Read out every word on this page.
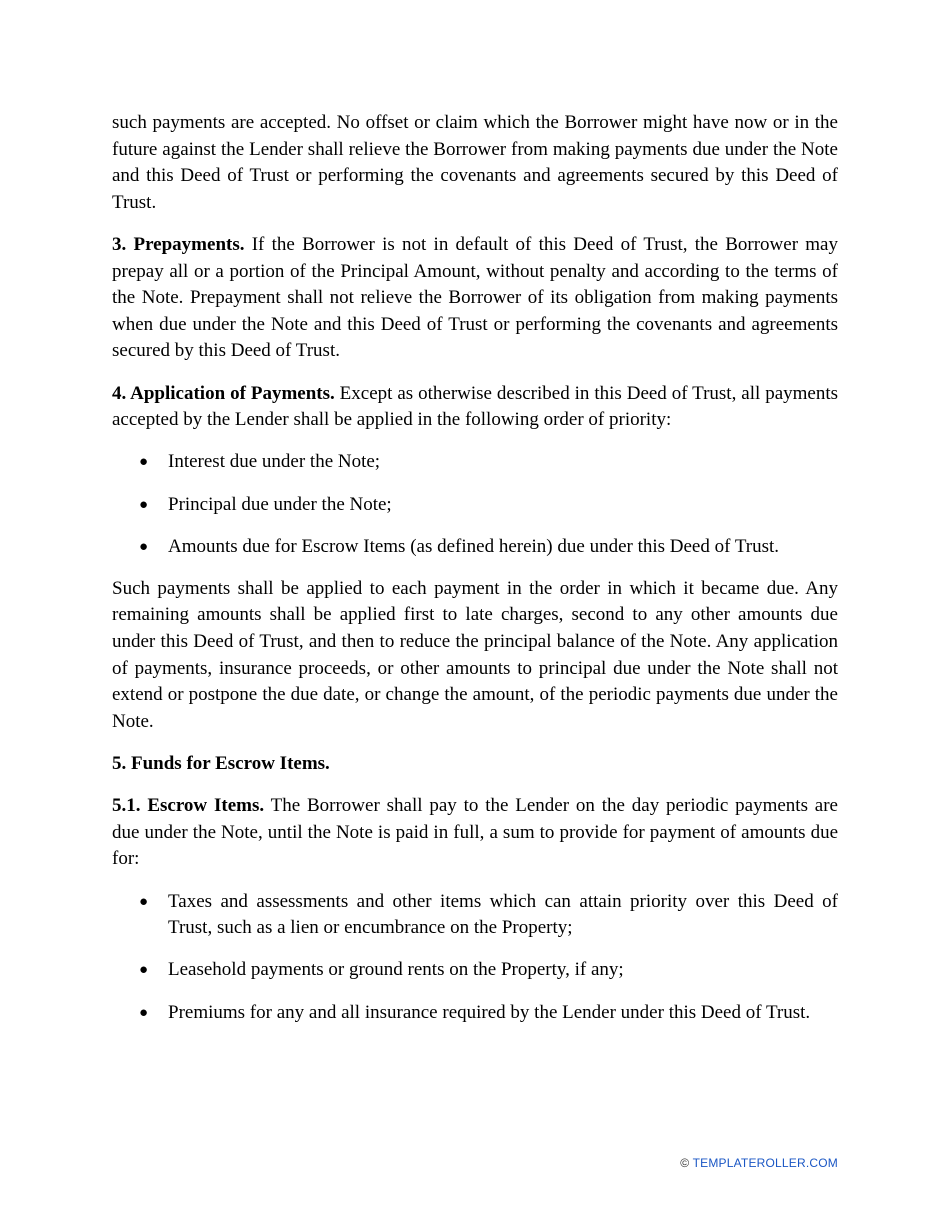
such payments are accepted. No offset or claim which the Borrower might have now or in the future against the Lender shall relieve the Borrower from making payments due under the Note and this Deed of Trust or performing the covenants and agreements secured by this Deed of Trust.

3. Prepayments. If the Borrower is not in default of this Deed of Trust, the Borrower may prepay all or a portion of the Principal Amount, without penalty and according to the terms of the Note. Prepayment shall not relieve the Borrower of its obligation from making payments when due under the Note and this Deed of Trust or performing the covenants and agreements secured by this Deed of Trust.

4. Application of Payments. Except as otherwise described in this Deed of Trust, all payments accepted by the Lender shall be applied in the following order of priority:

● Interest due under the Note;
● Principal due under the Note;
● Amounts due for Escrow Items (as defined herein) due under this Deed of Trust.

Such payments shall be applied to each payment in the order in which it became due. Any remaining amounts shall be applied first to late charges, second to any other amounts due under this Deed of Trust, and then to reduce the principal balance of the Note. Any application of payments, insurance proceeds, or other amounts to principal due under the Note shall not extend or postpone the due date, or change the amount, of the periodic payments due under the Note.

5. Funds for Escrow Items.

5.1. Escrow Items. The Borrower shall pay to the Lender on the day periodic payments are due under the Note, until the Note is paid in full, a sum to provide for payment of amounts due for:

● Taxes and assessments and other items which can attain priority over this Deed of Trust, such as a lien or encumbrance on the Property;
● Leasehold payments or ground rents on the Property, if any;
● Premiums for any and all insurance required by the Lender under this Deed of Trust.
© TEMPLATEROLLER.COM
